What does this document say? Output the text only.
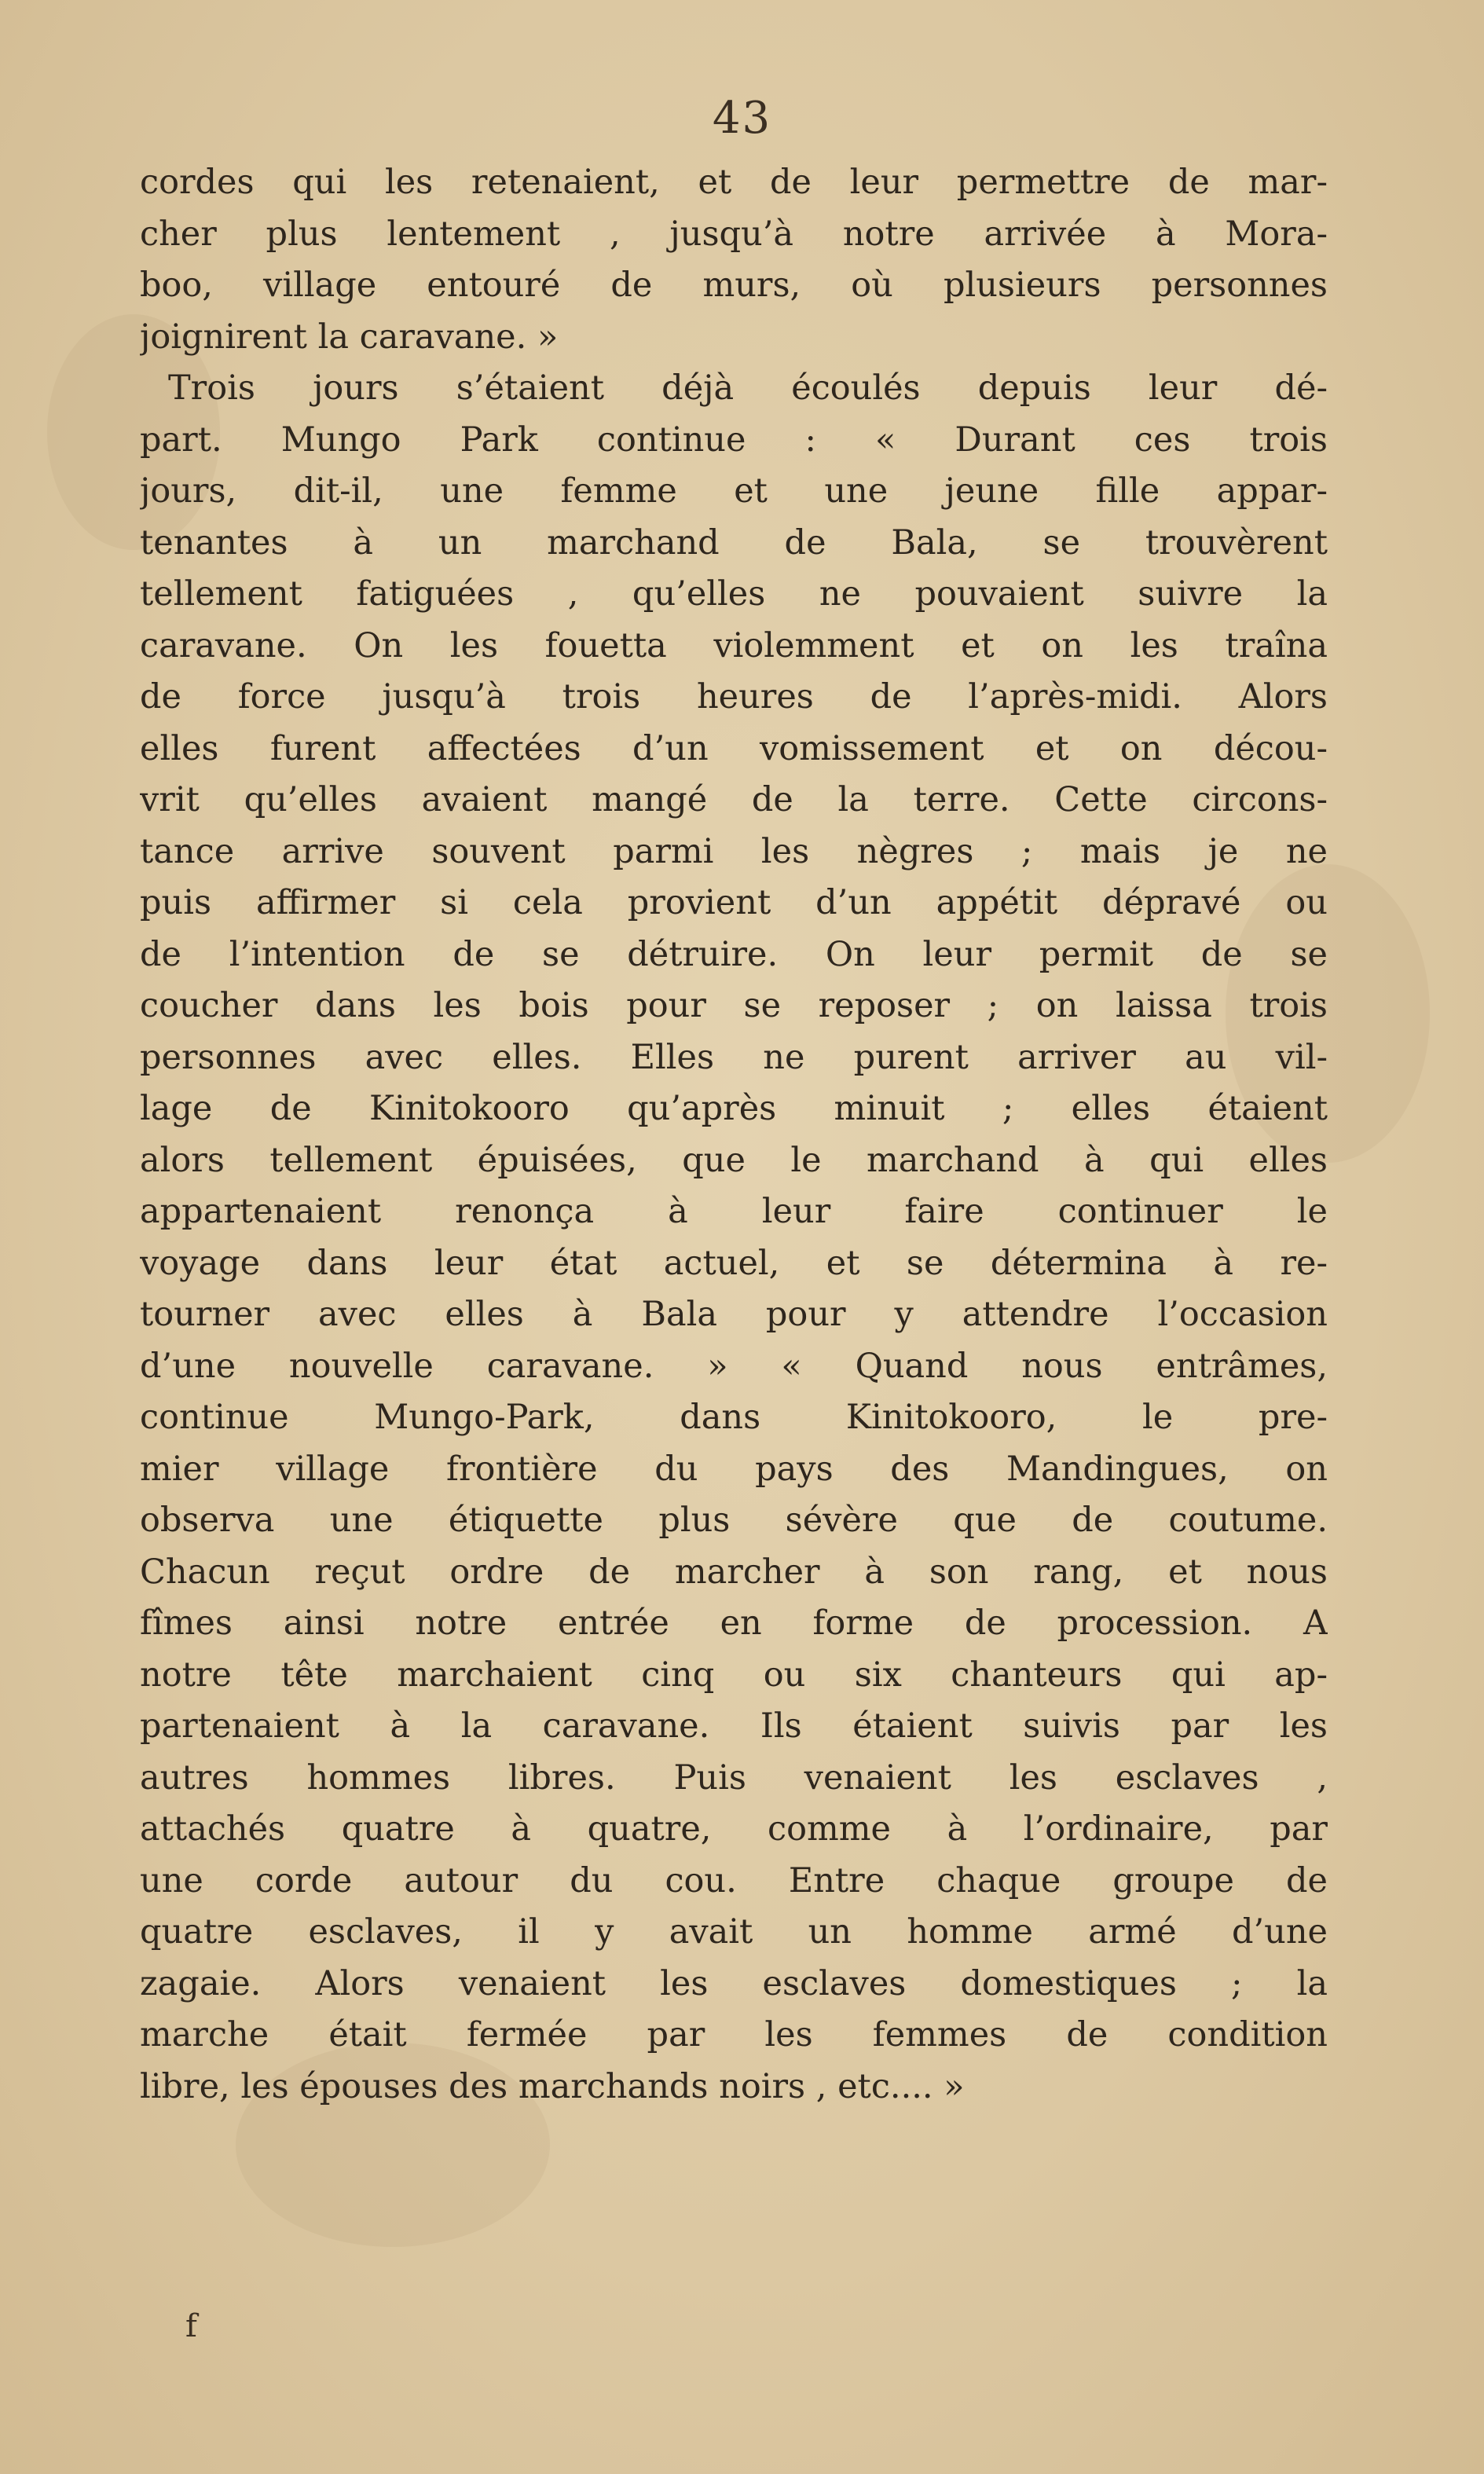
43
cordes qui les retenaient, et de leur permettre de mar-
cher plus lentement , jusqu’à notre arrivée à Mora-
boo, village entouré de murs, où plusieurs personnes
joignirent la caravane. »
Trois jours s’étaient déjà écoulés depuis leur dé-
part. Mungo Park continue : « Durant ces trois
jours, dit-il, une femme et une jeune fille appar-
tenantes à un marchand de Bala, se trouvèrent
tellement fatiguées , qu’elles ne pouvaient suivre la
caravane. On les fouetta violemment et on les traîna
de force jusqu’à trois heures de l’après-midi. Alors
elles furent affectées d’un vomissement et on décou-
vrit qu’elles avaient mangé de la terre. Cette circons-
tance arrive souvent parmi les nègres ; mais je ne
puis affirmer si cela provient d’un appétit dépravé ou
de l’intention de se détruire. On leur permit de se
coucher dans les bois pour se reposer ; on laissa trois
personnes avec elles. Elles ne purent arriver au vil-
lage de Kinitokooro qu’après minuit ; elles étaient
alors tellement épuisées, que le marchand à qui elles
appartenaient renonça à leur faire continuer le
voyage dans leur état actuel, et se détermina à re-
tourner avec elles à Bala pour y attendre l’occasion
d’une nouvelle caravane. » « Quand nous entrâmes,
continue Mungo-Park, dans Kinitokooro, le pre-
mier village frontière du pays des Mandingues, on
observa une étiquette plus sévère que de coutume.
Chacun reçut ordre de marcher à son rang, et nous
fîmes ainsi notre entrée en forme de procession. A
notre tête marchaient cinq ou six chanteurs qui ap-
partenaient à la caravane. Ils étaient suivis par les
autres hommes libres. Puis venaient les esclaves ,
attachés quatre à quatre, comme à l’ordinaire, par
une corde autour du cou. Entre chaque groupe de
quatre esclaves, il y avait un homme armé d’une
zagaie. Alors venaient les esclaves domestiques ; la
marche était fermée par les femmes de condition
libre, les épouses des marchands noirs , etc.... »
f
